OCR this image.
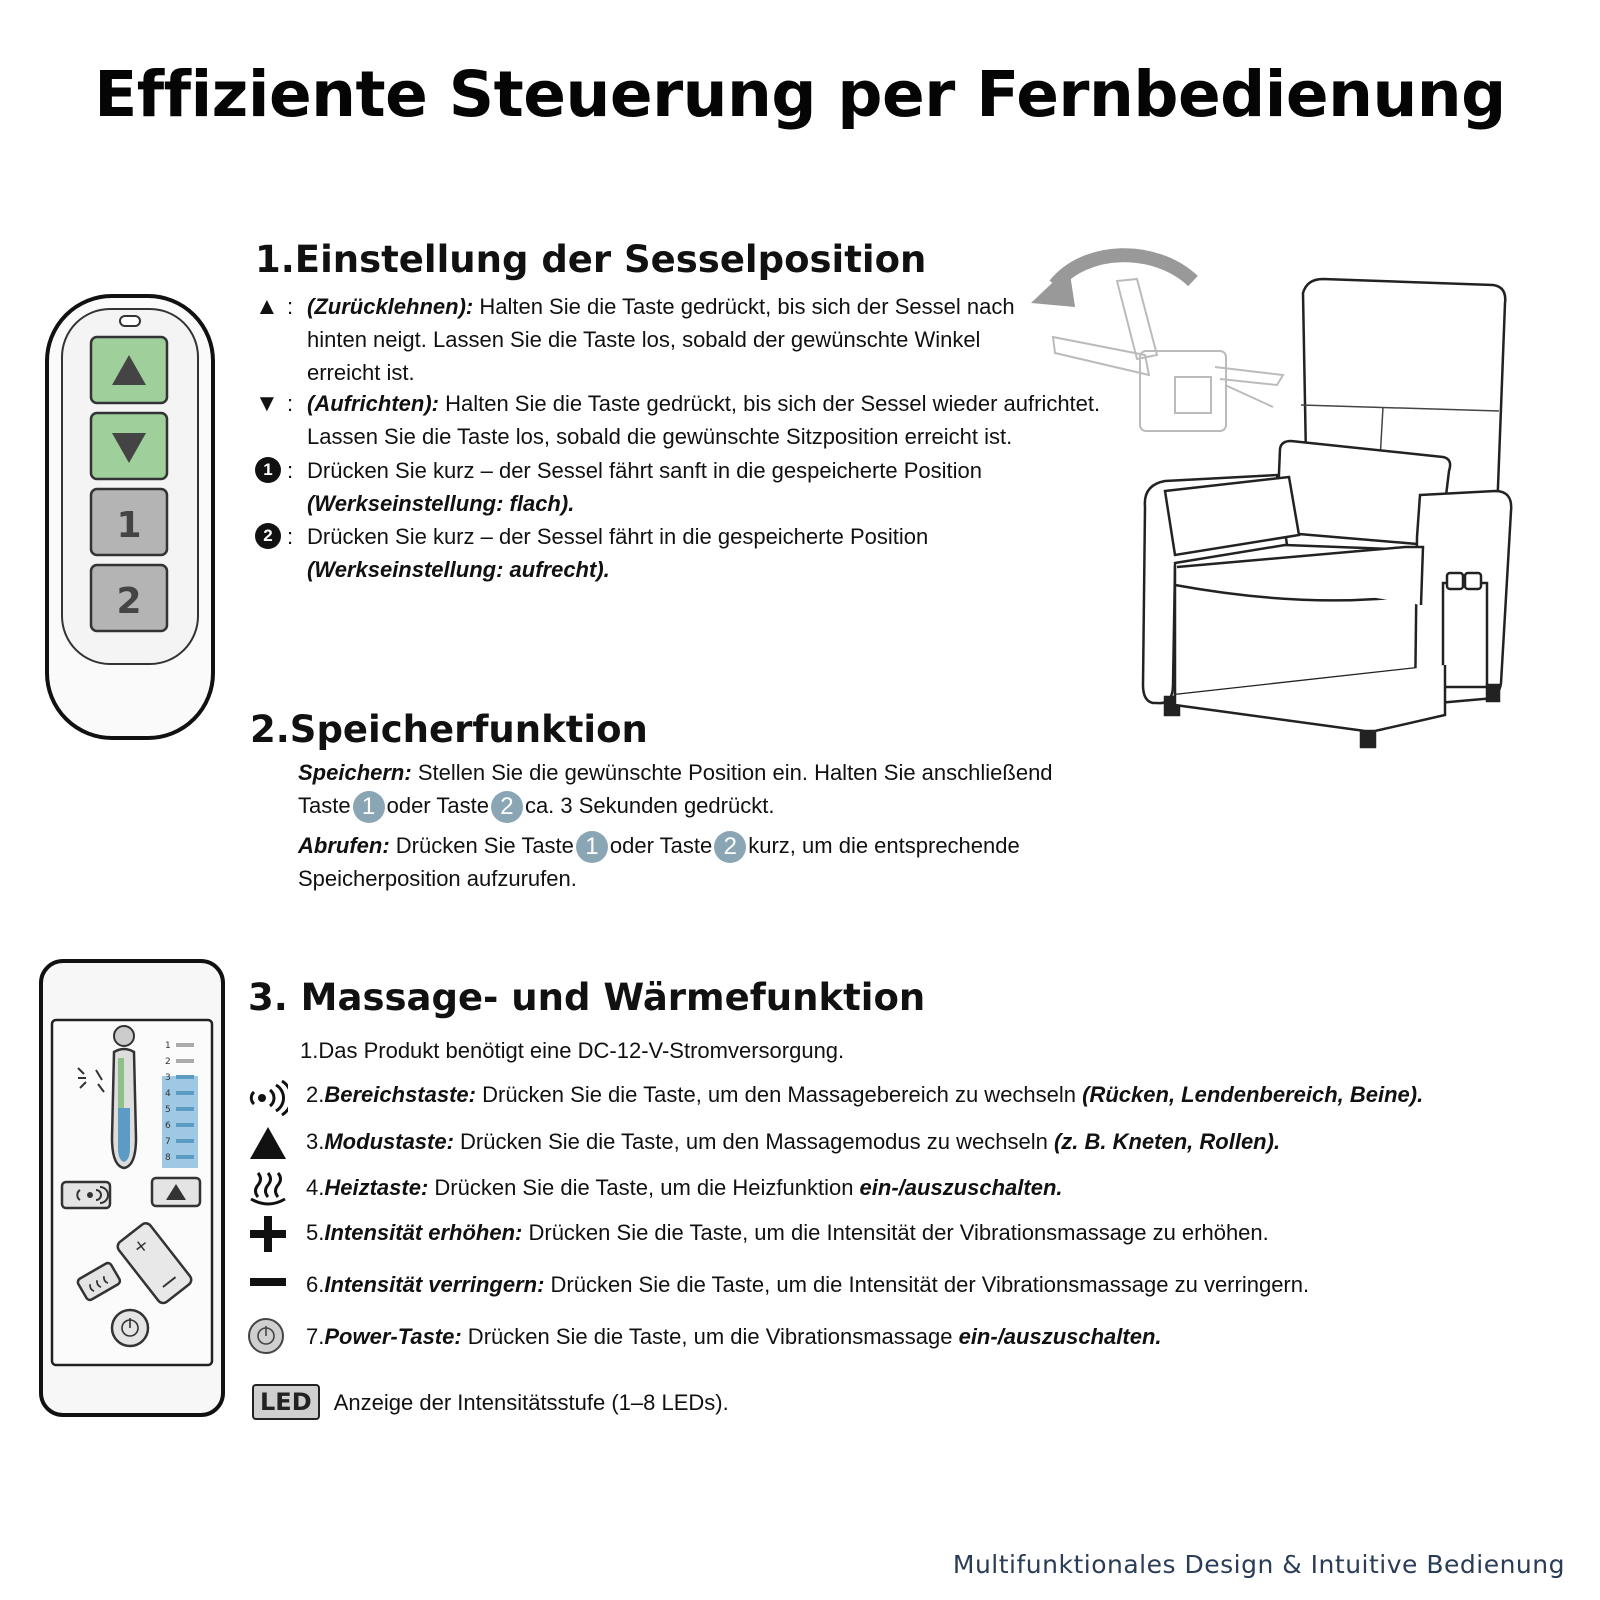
Effiziente Steuerung per Fernbedienung
1.Einstellung der Sesselposition
1
2
▲ : (Zurücklehnen): Halten Sie die Taste gedrückt, bis sich der Sessel nach
hinten neigt. Lassen Sie die Taste los, sobald der gewünschte Winkel
erreicht ist.
▼ : (Aufrichten): Halten Sie die Taste gedrückt, bis sich der Sessel wieder aufrichtet.
Lassen Sie die Taste los, sobald die gewünschte Sitzposition erreicht ist.
1 : Drücken Sie kurz – der Sessel fährt sanft in die gespeicherte Position
(Werkseinstellung: flach).
2 : Drücken Sie kurz – der Sessel fährt in die gespeicherte Position
(Werkseinstellung: aufrecht).
2.Speicherfunktion
Speichern: Stellen Sie die gewünschte Position ein. Halten Sie anschließend
Taste 1 oder Taste 2 ca. 3 Sekunden gedrückt.
Abrufen: Drücken Sie Taste 1 oder Taste 2 kurz, um die entsprechende
Speicherposition aufzurufen.
3. Massage- und Wärmefunktion
1
2
3
4
5
6
7
8
+
1.Das Produkt benötigt eine DC-12-V-Stromversorgung.
2.Bereichstaste: Drücken Sie die Taste, um den Massagebereich zu wechseln (Rücken, Lendenbereich, Beine).
3.Modustaste: Drücken Sie die Taste, um den Massagemodus zu wechseln (z. B. Kneten, Rollen).
4.Heiztaste: Drücken Sie die Taste, um die Heizfunktion ein-/auszuschalten.
5.Intensität erhöhen: Drücken Sie die Taste, um die Intensität der Vibrationsmassage zu erhöhen.
6.Intensität verringern: Drücken Sie die Taste, um die Intensität der Vibrationsmassage zu verringern.
7.Power-Taste: Drücken Sie die Taste, um die Vibrationsmassage ein-/auszuschalten.
LED Anzeige der Intensitätsstufe (1–8 LEDs).
Multifunktionales Design & Intuitive Bedienung
